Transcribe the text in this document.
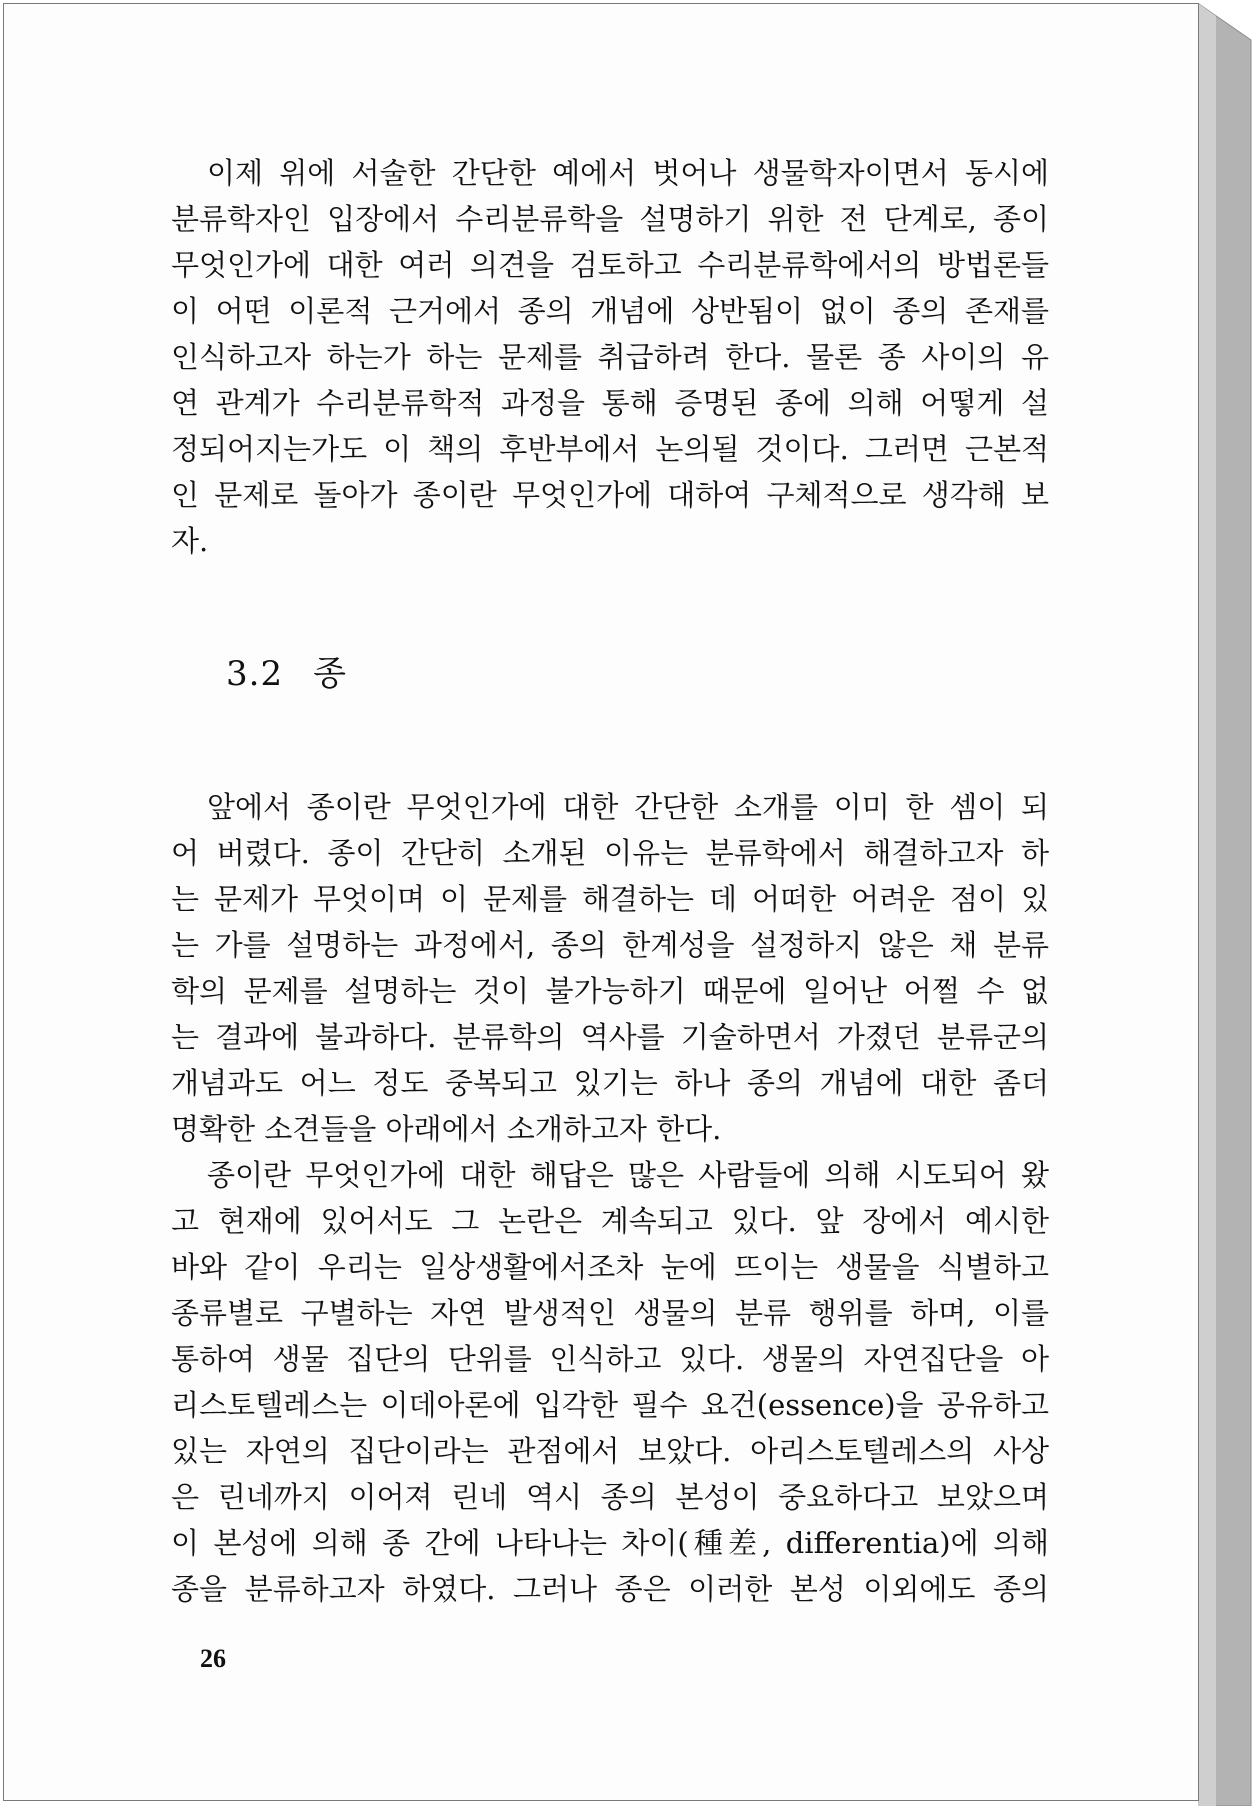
이제 위에 서술한 간단한 예에서 벗어나 생물학자이면서 동시에
분류학자인 입장에서 수리분류학을 설명하기 위한 전 단계로, 종이
무엇인가에 대한 여러 의견을 검토하고 수리분류학에서의 방법론들
이 어떤 이론적 근거에서 종의 개념에 상반됨이 없이 종의 존재를
인식하고자 하는가 하는 문제를 취급하려 한다. 물론 종 사이의 유
연 관계가 수리분류학적 과정을 통해 증명된 종에 의해 어떻게 설
정되어지는가도 이 책의 후반부에서 논의될 것이다. 그러면 근본적
인 문제로 돌아가 종이란 무엇인가에 대하여 구체적으로 생각해 보
자.
3.2 종
앞에서 종이란 무엇인가에 대한 간단한 소개를 이미 한 셈이 되
어 버렸다. 종이 간단히 소개된 이유는 분류학에서 해결하고자 하
는 문제가 무엇이며 이 문제를 해결하는 데 어떠한 어려운 점이 있
는 가를 설명하는 과정에서, 종의 한계성을 설정하지 않은 채 분류
학의 문제를 설명하는 것이 불가능하기 때문에 일어난 어쩔 수 없
는 결과에 불과하다. 분류학의 역사를 기술하면서 가졌던 분류군의
개념과도 어느 정도 중복되고 있기는 하나 종의 개념에 대한 좀더
명확한 소견들을 아래에서 소개하고자 한다.
종이란 무엇인가에 대한 해답은 많은 사람들에 의해 시도되어 왔
고 현재에 있어서도 그 논란은 계속되고 있다. 앞 장에서 예시한
바와 같이 우리는 일상생활에서조차 눈에 뜨이는 생물을 식별하고
종류별로 구별하는 자연 발생적인 생물의 분류 행위를 하며, 이를
통하여 생물 집단의 단위를 인식하고 있다. 생물의 자연집단을 아
리스토텔레스는 이데아론에 입각한 필수 요건(essence)을 공유하고
있는 자연의 집단이라는 관점에서 보았다. 아리스토텔레스의 사상
은 린네까지 이어져 린네 역시 종의 본성이 중요하다고 보았으며
이 본성에 의해 종 간에 나타나는 차이(種差, differentia)에 의해
종을 분류하고자 하였다. 그러나 종은 이러한 본성 이외에도 종의
26
